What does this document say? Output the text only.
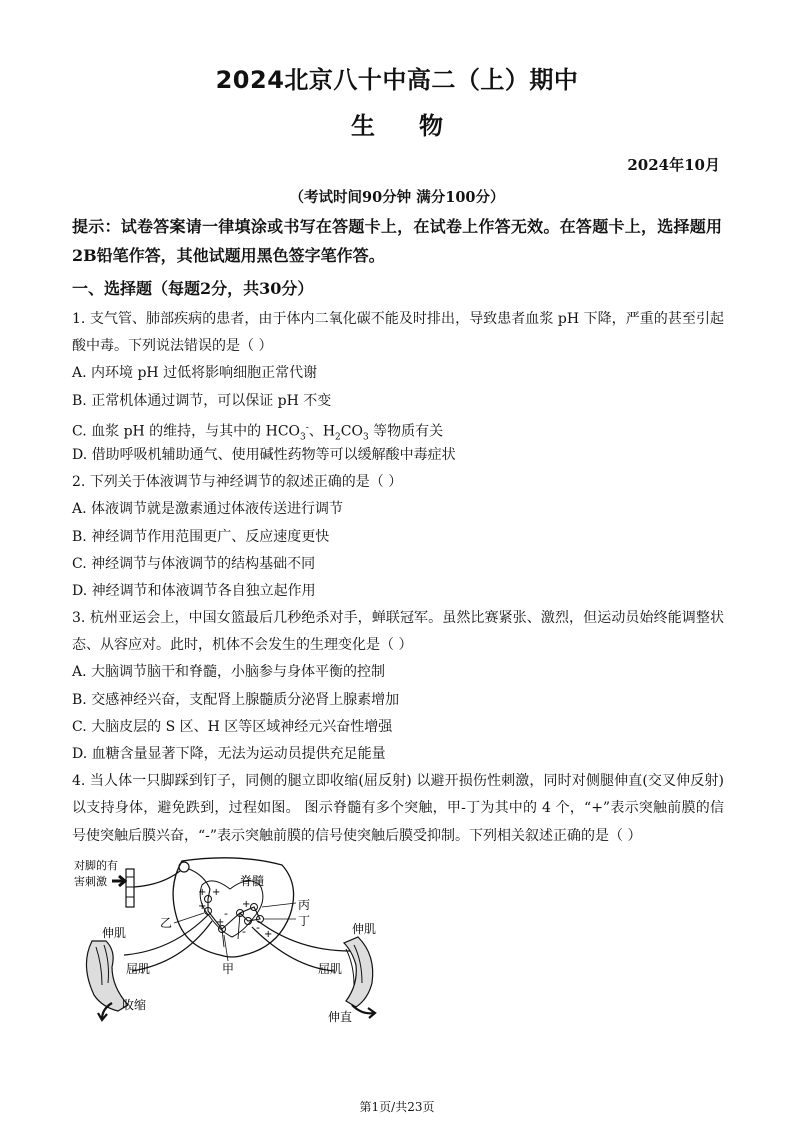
2024北京八十中高二（上）期中
生物
2024年10月
（考试时间90分钟 满分100分）
提示：试卷答案请一律填涂或书写在答题卡上，在试卷上作答无效。在答题卡上，选择题用
2B铅笔作答，其他试题用黑色签字笔作答。
一、选择题（每题2分，共30分）
1. 支气管、肺部疾病的患者，由于体内二氧化碳不能及时排出，导致患者血浆 pH 下降，严重的甚至引起
酸中毒。下列说法错误的是（ ）
A. 内环境 pH 过低将影响细胞正常代谢
B. 正常机体通过调节，可以保证 pH 不变
C. 血浆 pH 的维持，与其中的 $HCO_3^-$、$H_2CO_3$ 等物质有关
D. 借助呼吸机辅助通气、使用碱性药物等可以缓解酸中毒症状
2. 下列关于体液调节与神经调节的叙述正确的是（ ）
A. 体液调节就是激素通过体液传送进行调节
B. 神经调节作用范围更广、反应速度更快
C. 神经调节与体液调节的结构基础不同
D. 神经调节和体液调节各自独立起作用
3. 杭州亚运会上，中国女篮最后几秒绝杀对手，蝉联冠军。虽然比赛紧张、激烈，但运动员始终能调整状
态、从容应对。此时，机体不会发生的生理变化是（ ）
A. 大脑调节脑干和脊髓，小脑参与身体平衡的控制
B. 交感神经兴奋，支配肾上腺髓质分泌肾上腺素增加
C. 大脑皮层的 S 区、H 区等区域神经元兴奋性增强
D. 血糖含量显著下降，无法为运动员提供充足能量
4. 当人体一只脚踩到钉子，同侧的腿立即收缩(屈反射) 以避开损伤性刺激，同时对侧腿伸直(交叉伸反射)
以支持身体，避免跌到，过程如图。 图示脊髓有多个突触，甲-丁为其中的 4 个，“+”表示突触前膜的信
号使突触后膜兴奋，“-”表示突触前膜的信号使突触后膜受抑制。下列相关叙述正确的是（ ）
对脚的有
害刺激	脊髓
+ +
+	+
+
+
-
- -
丙
丁
乙
甲
伸肌
屈肌
收缩
伸肌
屈肌
伸直
第1页/共23页
